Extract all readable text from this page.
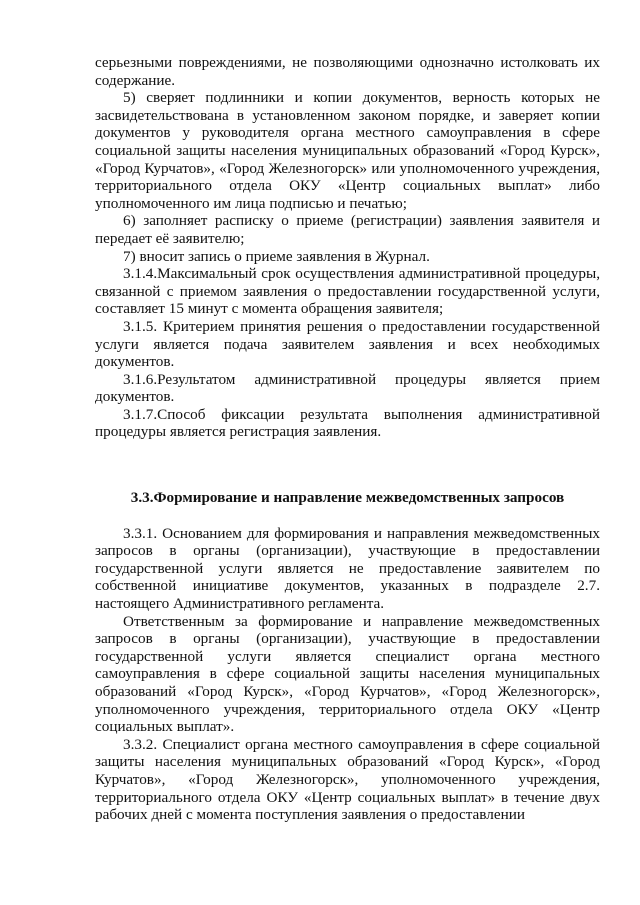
серьезными повреждениями, не позволяющими однозначно истолковать их содержание.

5) сверяет подлинники и копии документов, верность которых не засвидетельствована в установленном законом порядке, и заверяет копии документов у руководителя органа местного самоуправления в сфере социальной защиты населения муниципальных образований «Город Курск», «Город Курчатов», «Город Железногорск» или уполномоченного учреждения, территориального отдела ОКУ «Центр социальных выплат» либо уполномоченного им лица подписью и печатью;

6) заполняет расписку о приеме (регистрации) заявления заявителя и передает её заявителю;

7) вносит запись о приеме заявления в Журнал.

3.1.4.Максимальный срок осуществления административной процедуры, связанной с приемом заявления о предоставлении государственной услуги, составляет 15 минут с момента обращения заявителя;

3.1.5. Критерием принятия решения о предоставлении государственной услуги является подача заявителем заявления и всех необходимых документов.

3.1.6.Результатом административной процедуры является прием документов.

3.1.7.Способ фиксации результата выполнения административной процедуры является регистрация заявления.

3.3.Формирование и направление межведомственных запросов

3.3.1. Основанием для формирования и направления межведомственных запросов в органы (организации), участвующие в предоставлении государственной услуги является не предоставление заявителем по собственной инициативе документов, указанных в подразделе 2.7. настоящего Административного регламента.

Ответственным за формирование и направление межведомственных запросов в органы (организации), участвующие в предоставлении государственной услуги является специалист органа местного самоуправления в сфере социальной защиты населения муниципальных образований «Город Курск», «Город Курчатов», «Город Железногорск», уполномоченного учреждения, территориального отдела ОКУ «Центр социальных выплат».

3.3.2. Специалист органа местного самоуправления в сфере социальной защиты населения муниципальных образований «Город Курск», «Город Курчатов», «Город Железногорск», уполномоченного учреждения, территориального отдела ОКУ «Центр социальных выплат» в течение двух рабочих дней с момента поступления заявления о предоставлении
